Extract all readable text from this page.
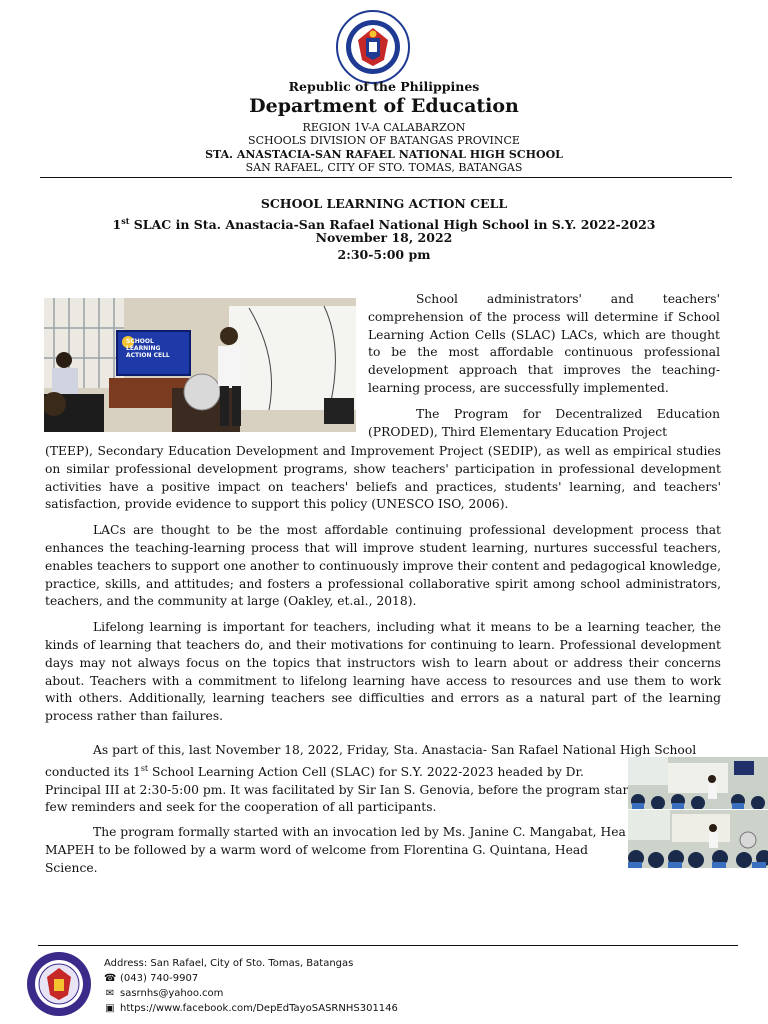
Republic of the Philippines
Department of Education
REGION 1V-A CALABARZON
SCHOOLS DIVISION OF BATANGAS PROVINCE
STA. ANASTACIA-SAN RAFAEL NATIONAL HIGH SCHOOL
SAN RAFAEL, CITY OF STO. TOMAS, BATANGAS
SCHOOL LEARNING ACTION CELL
1st SLAC in Sta. Anastacia-San Rafael National High School in S.Y. 2022-2023
November 18, 2022
2:30-5:00 pm
SCHOOL LEARNING ACTION CELL

School administrators' and teachers' comprehension of the process will determine if School Learning Action Cells (SLAC) LACs, which are thought to be the most affordable continuous professional development approach that improves the teaching-learning process, are successfully implemented.

The Program for Decentralized Education (PRODED), Third Elementary Education Project

(TEEP), Secondary Education Development and Improvement Project (SEDIP), as well as empirical studies on similar professional development programs, show teachers' participation in professional development activities have a positive impact on teachers' beliefs and practices, students' learning, and teachers' satisfaction, provide evidence to support this policy (UNESCO ISO, 2006).

LACs are thought to be the most affordable continuing professional development process that enhances the teaching-learning process that will improve student learning, nurtures successful teachers, enables teachers to support one another to continuously improve their content and pedagogical knowledge, practice, skills, and attitudes; and fosters a professional collaborative spirit among school administrators, teachers, and the community at large (Oakley, et.al., 2018).

Lifelong learning is important for teachers, including what it means to be a learning teacher, the kinds of learning that teachers do, and their motivations for continuing to learn. Professional development days may not always focus on the topics that instructors wish to learn about or address their concerns about. Teachers with a commitment to lifelong learning have access to resources and use them to work with others. Additionally, learning teachers see difficulties and errors as a natural part of the learning process rather than failures.

As part of this, last November 18, 2022, Friday, Sta. Anastacia- San Rafael National High School
conducted its 1st School Learning Action Cell (SLAC) for S.Y. 2022-2023 headed by Dr.
Principal III at 2:30-5:00 pm. It was facilitated by Sir Ian S. Genovia, before the program star
few reminders and seek for the cooperation of all participants.
The program formally started with an invocation led by Ms. Janine C. Mangabat, Hea
MAPEH to be followed by a warm word of welcome from Florentina G. Quintana, Head
Science.
Address: San Rafael, City of Sto. Tomas, Batangas
☎ (043) 740-9907
✉ sasrnhs@yahoo.com
▣ https://www.facebook.com/DepEdTayoSASRNHS301146
